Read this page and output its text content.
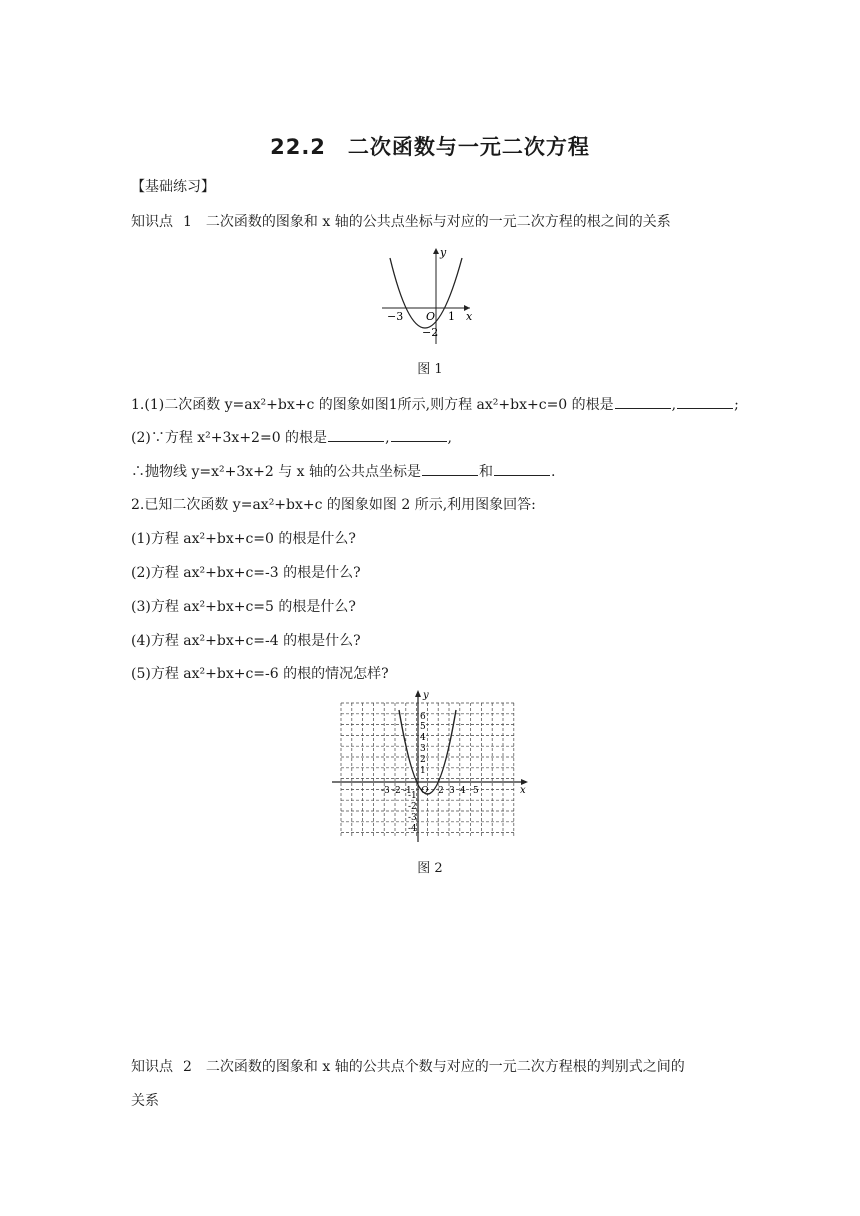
22.2　二次函数与一元二次方程
【基础练习】
知识点 1 二次函数的图象和 x 轴的公共点坐标与对应的一元二次方程的根之间的关系
y
x
O
−3	1
−2
图 1
1.(1)二次函数 y=ax²+bx+c 的图象如图1所示,则方程 ax²+bx+c=0 的根是	,	;
(2)∵方程 x²+3x+2=0 的根是	,	,
∴抛物线 y=x²+3x+2 与 x 轴的公共点坐标是	和	.
2.已知二次函数 y=ax²+bx+c 的图象如图 2 所示,利用图象回答:
(1)方程 ax²+bx+c=0 的根是什么?
(2)方程 ax²+bx+c=-3 的根是什么?
(3)方程 ax²+bx+c=5 的根是什么?
(4)方程 ax²+bx+c=-4 的根是什么?
(5)方程 ax²+bx+c=-6 的根的情况怎样?
y
x
O
6
5
4
3
2
1
-1
-2
-3
-4
-3 -2 -1	2 3 4 5
图 2
知识点 2 二次函数的图象和 x 轴的公共点个数与对应的一元二次方程根的判别式之间的
关系
